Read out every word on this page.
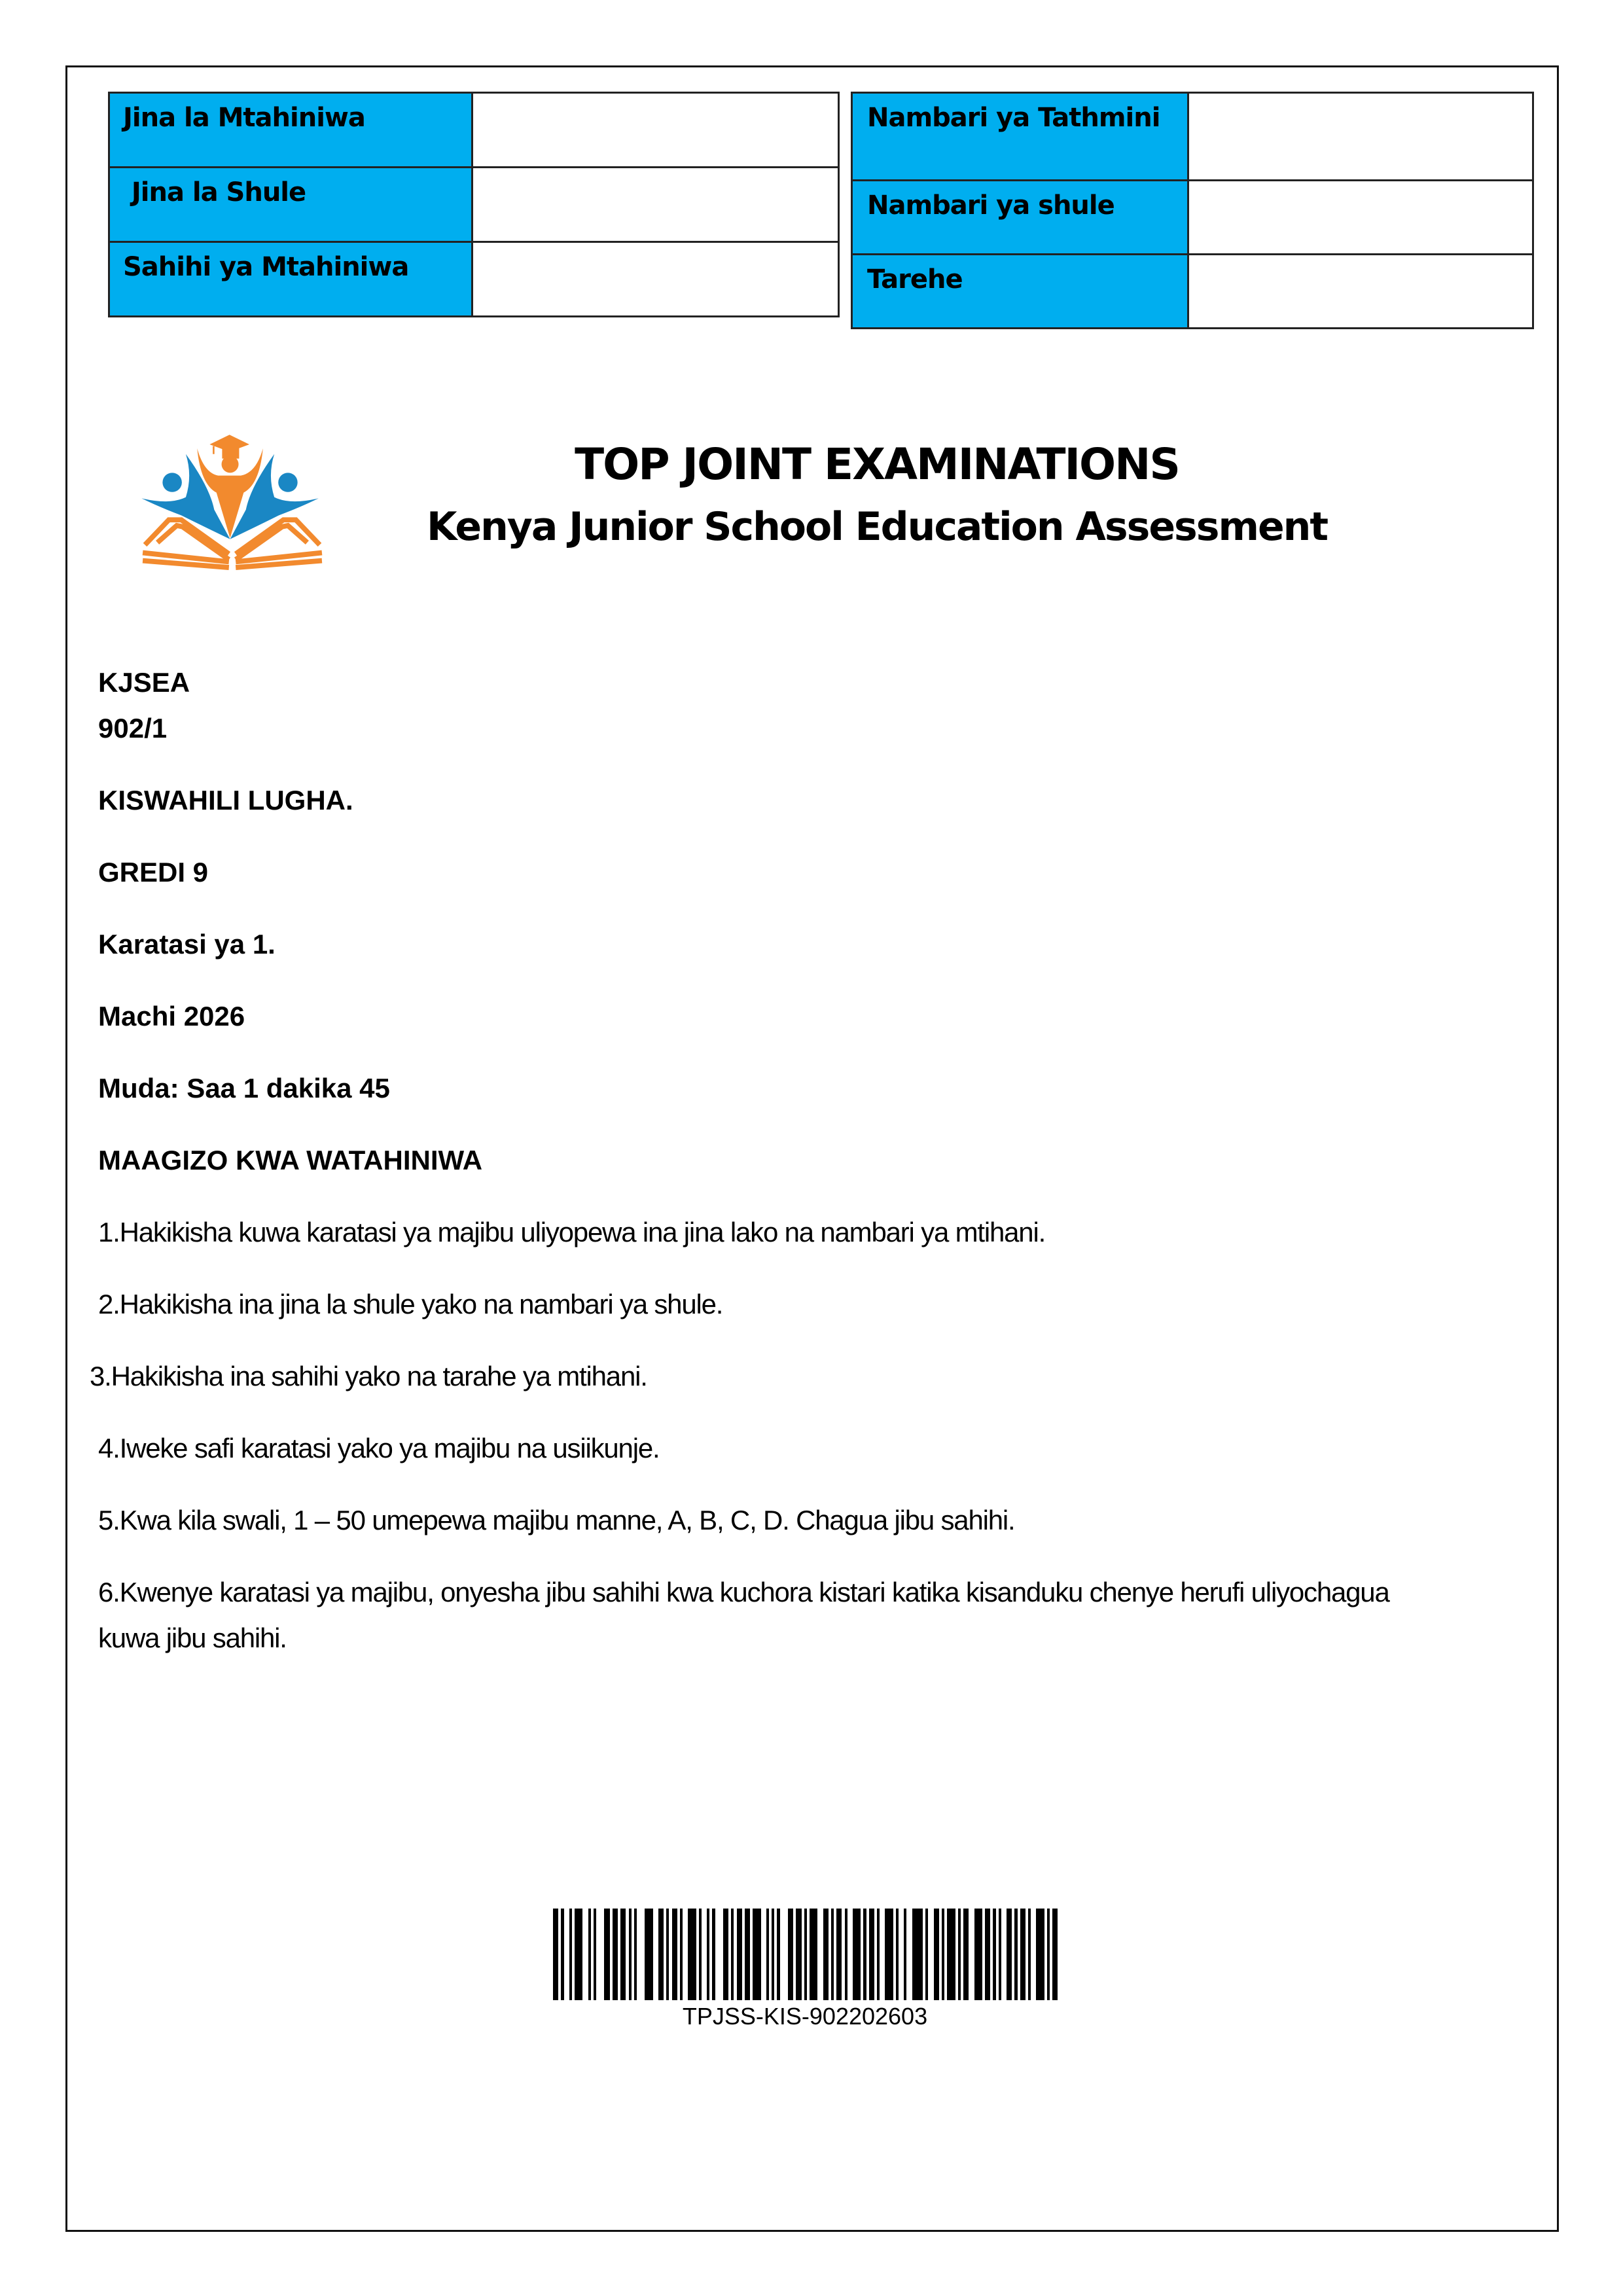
Jina la Mtahiniwa	
Jina la Shule	
Sahihi ya Mtahiniwa	
Nambari ya Tathmini	
Nambari ya shule	
Tarehe	
TOP JOINT EXAMINATIONS
Kenya Junior School Education Assessment
KJSEA
902/1
KISWAHILI LUGHA.
GREDI 9
Karatasi ya 1.
Machi 2026
Muda: Saa 1 dakika 45
MAAGIZO KWA WATAHINIWA
1.Hakikisha kuwa karatasi ya majibu uliyopewa ina jina lako na nambari ya mtihani.
2.Hakikisha ina jina la shule yako na nambari ya shule.
3.Hakikisha ina sahihi yako na tarahe ya mtihani.
4.Iweke safi karatasi yako ya majibu na usiikunje.
5.Kwa kila swali, 1 – 50 umepewa majibu manne, A, B, C, D. Chagua jibu sahihi.
6.Kwenye karatasi ya majibu, onyesha jibu sahihi kwa kuchora kistari katika kisanduku chenye herufi uliyochagua kuwa jibu sahihi.
TPJSS-KIS-902202603
